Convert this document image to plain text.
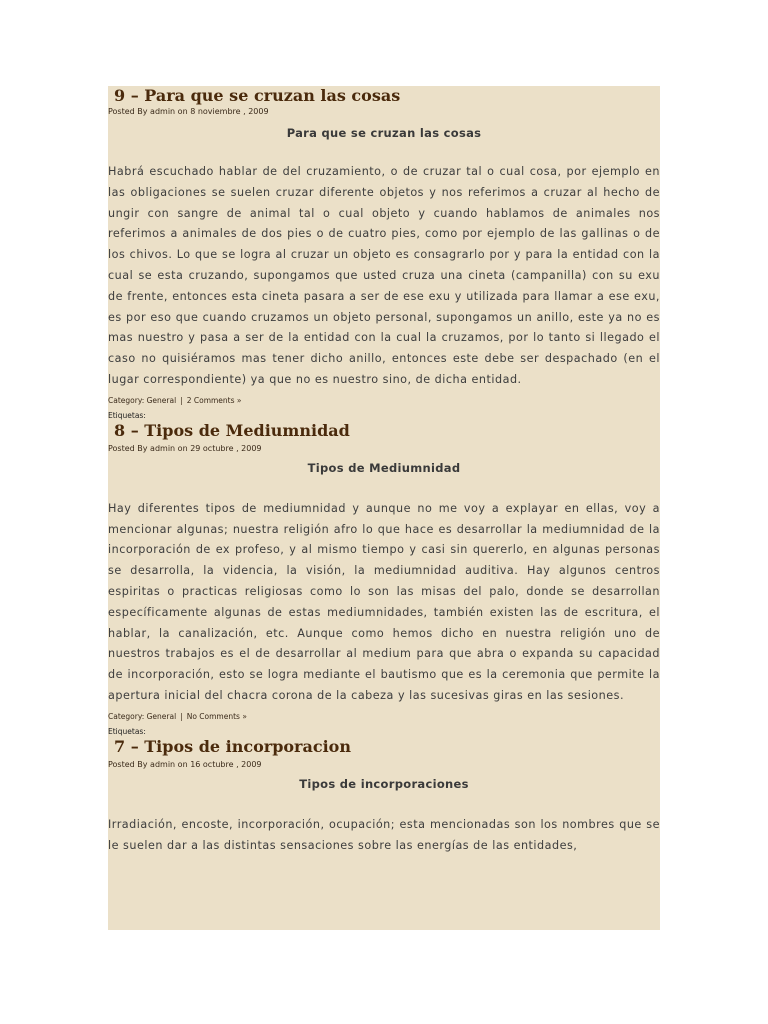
9 – Para que se cruzan las cosas

Posted By admin on 8 noviembre , 2009

Para que se cruzan las cosas

Habrá escuchado hablar de del cruzamiento, o de cruzar tal o cual cosa, por ejemplo en las obligaciones se suelen cruzar diferente objetos y nos referimos a cruzar al hecho de ungir con sangre de animal tal o cual objeto y cuando hablamos de animales nos referimos a animales de dos pies o de cuatro pies, como por ejemplo de las gallinas o de los chivos. Lo que se logra al cruzar un objeto es consagrarlo por y para la entidad con la cual se esta cruzando, supongamos que usted cruza una cineta (campanilla) con su exu de frente, entonces esta cineta pasara a ser de ese exu y utilizada para llamar a ese exu, es por eso que cuando cruzamos un objeto personal, supongamos un anillo, este ya no es mas nuestro y pasa a ser de la entidad con la cual la cruzamos, por lo tanto si llegado el caso no quisiéramos mas tener dicho anillo, entonces este debe ser despachado (en el lugar correspondiente) ya que no es nuestro sino, de dicha entidad.

Category: General | 2 Comments »
Etiquetas:
8 – Tipos de Mediumnidad

Posted By admin on 29 octubre , 2009

Tipos de Mediumnidad

Hay diferentes tipos de mediumnidad y aunque no me voy a explayar en ellas, voy a mencionar algunas; nuestra religión afro lo que hace es desarrollar la mediumnidad de la incorporación de ex profeso, y al mismo tiempo y casi sin quererlo, en algunas personas se desarrolla, la videncia, la visión, la mediumnidad auditiva. Hay algunos centros espiritas o practicas religiosas como lo son las misas del palo, donde se desarrollan específicamente algunas de estas mediumnidades, también existen las de escritura, el hablar, la canalización, etc. Aunque como hemos dicho en nuestra religión uno de nuestros trabajos es el de desarrollar al medium para que abra o expanda su capacidad de incorporación, esto se logra mediante el bautismo que es la ceremonia que permite la apertura inicial del chacra corona de la cabeza y las sucesivas giras en las sesiones.

Category: General | No Comments »
Etiquetas:
7 – Tipos de incorporacion

Posted By admin on 16 octubre , 2009

Tipos de incorporaciones

Irradiación, encoste, incorporación, ocupación; esta mencionadas son los nombres que se le suelen dar a las distintas sensaciones sobre las energías de las entidades,
